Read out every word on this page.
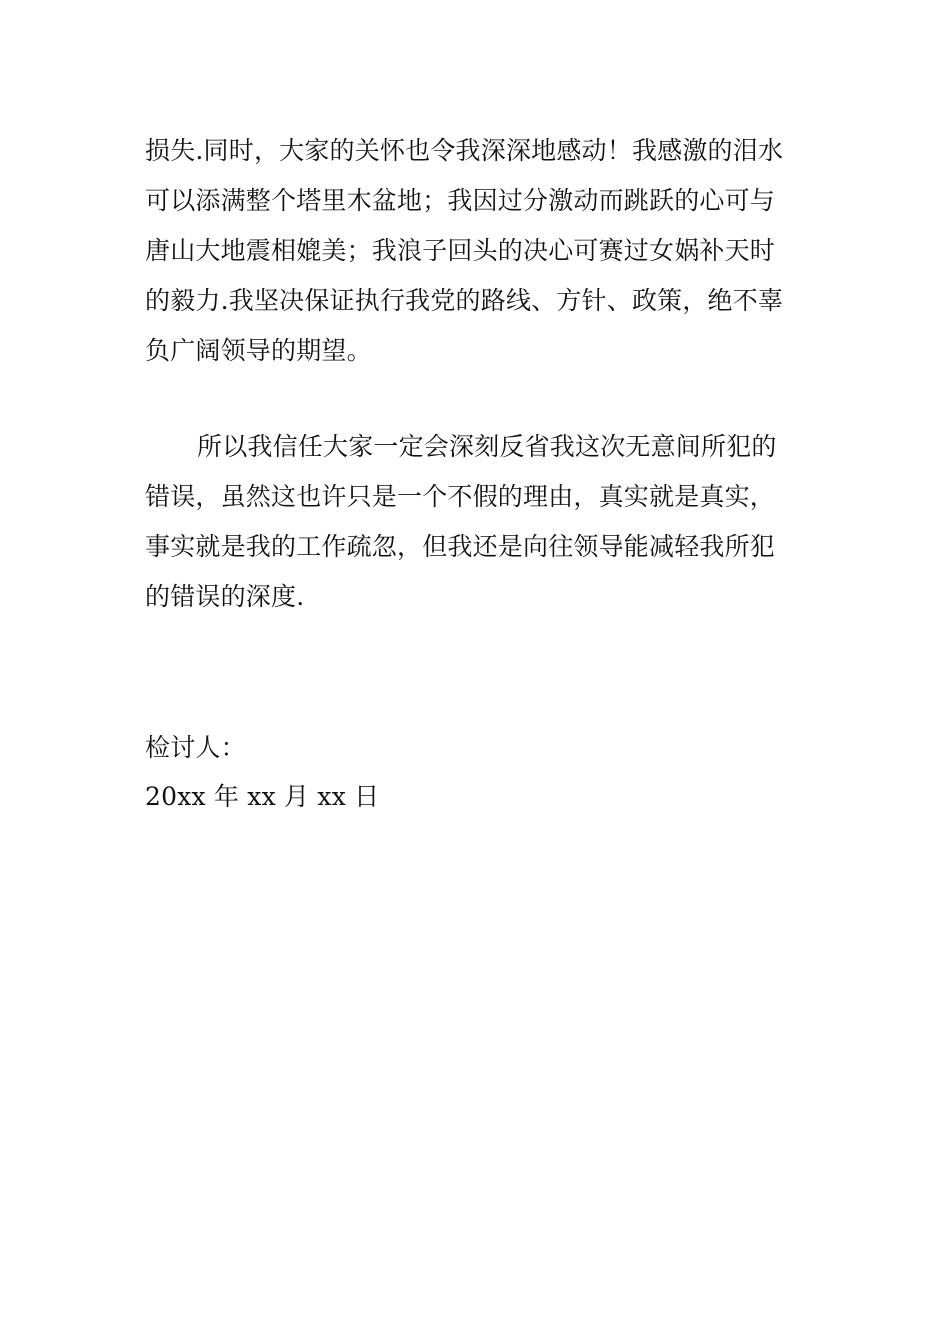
损失.同时，大家的关怀也令我深深地感动！我感激的泪水
可以添满整个塔里木盆地；我因过分激动而跳跃的心可与
唐山大地震相媲美；我浪子回头的决心可赛过女娲补天时
的毅力.我坚决保证执行我党的路线、方针、政策，绝不辜
负广阔领导的期望。
所以我信任大家一定会深刻反省我这次无意间所犯的
错误，虽然这也许只是一个不假的理由，真实就是真实，
事实就是我的工作疏忽，但我还是向往领导能减轻我所犯
的错误的深度.
检讨人：
20xx 年 xx 月 xx 日
